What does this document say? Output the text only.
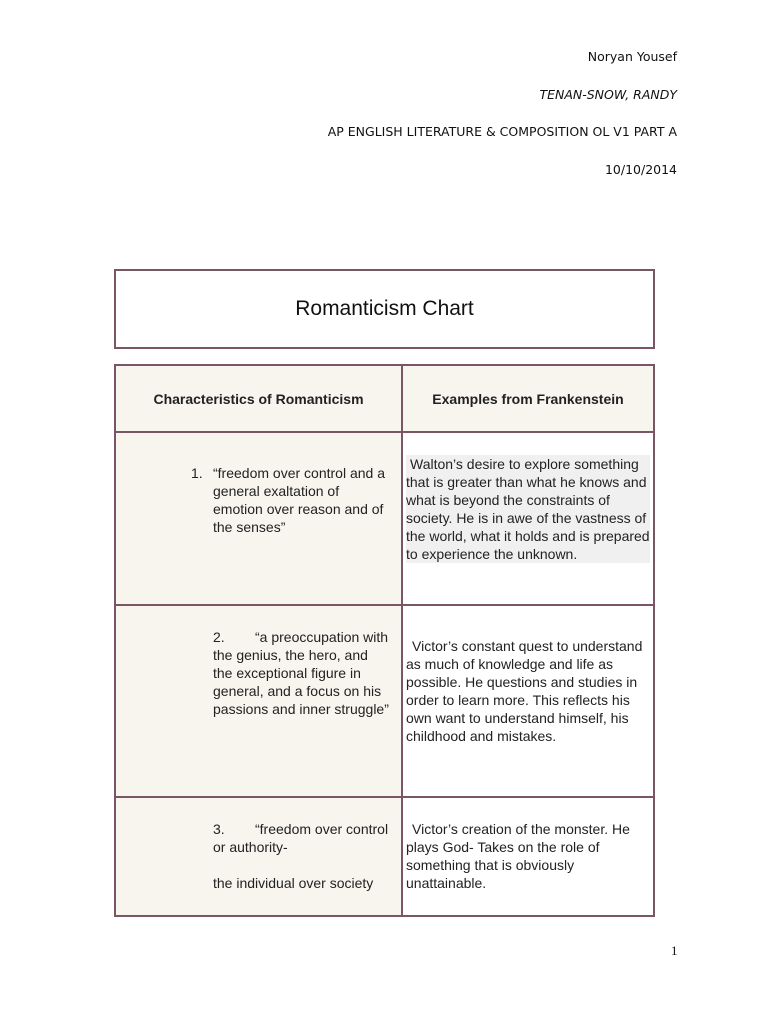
Noryan Yousef
TENAN-SNOW, RANDY
AP ENGLISH LITERATURE & COMPOSITION OL V1 PART A
10/10/2014
Romanticism Chart
Characteristics of Romanticism	Examples from Frankenstein

1. “freedom over control and a general exaltation of emotion over reason and of the senses”	Walton’s desire to explore something that is greater than what he knows and what is beyond the constraints of society. He is in awe of the vastness of the world, what it holds and is prepared to experience the unknown.

2. “a preoccupation with the genius, the hero, and the exceptional figure in general, and a focus on his passions and inner struggle”	Victor’s constant quest to understand as much of knowledge and life as possible. He questions and studies in order to learn more. This reflects his own want to understand himself, his childhood and mistakes.

3. “freedom over control or authority-
the individual over society	Victor’s creation of the monster. He plays God- Takes on the role of something that is obviously unattainable.
1
